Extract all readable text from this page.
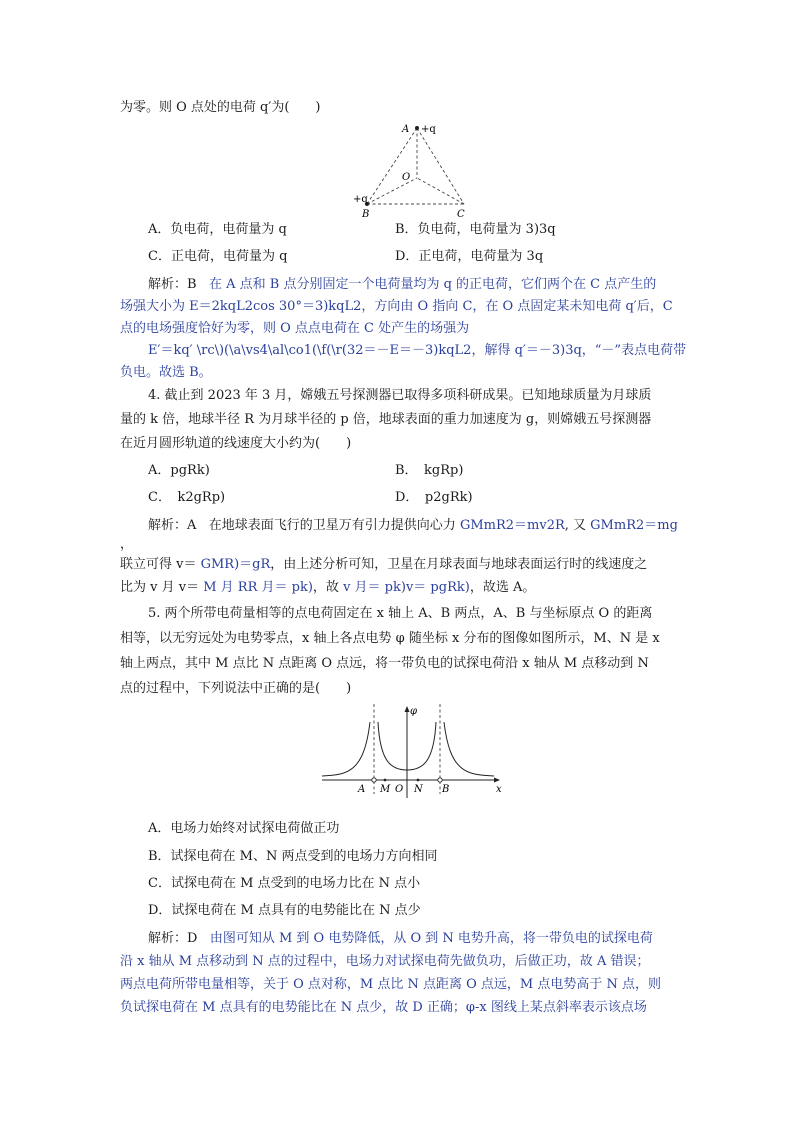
为零。则 O 点处的电荷 q′为(　　)
A +q
O
+q
B	C
A．负电荷，电荷量为 q	B．负电荷，电荷量为 3)3q
C．正电荷，电荷量为 q	D．正电荷，电荷量为 3q
解析：B 在 A 点和 B 点分别固定一个电荷量均为 q 的正电荷，它们两个在 C 点产生的
场强大小为 E＝2kqL2cos 30°＝3)kqL2，方向由 O 指向 C，在 O 点固定某未知电荷 q′后，C
点的电场强度恰好为零，则 O 点点电荷在 C 处产生的场强为
E′＝kq′ \rc\)(\a\vs4\al\co1(\f(\r(32＝－E＝－3)kqL2，解得 q′＝－3)3q，“－”表点电荷带
负电。故选 B。
4. 截止到 2023 年 3 月，嫦娥五号探测器已取得多项科研成果。已知地球质量为月球质
量的 k 倍，地球半径 R 为月球半径的 p 倍，地球表面的重力加速度为 g，则嫦娥五号探测器
在近月圆形轨道的线速度大小约为(　　)
A．pgRk)	B．　kgRp)
C．　k2gRp)	D．　p2gRk)
解析：A 在地球表面飞行的卫星万有引力提供向心力 GMmR2＝mv2R, 又 GMmR2＝mg
，
联立可得 v＝ GMR)＝gR，由上述分析可知，卫星在月球表面与地球表面运行时的线速度之
比为 v 月 v＝ M 月 RR 月＝ pk)，故 v 月＝ pk)v＝ pgRk)，故选 A。
5. 两个所带电荷量相等的点电荷固定在 x 轴上 A、B 两点，A、B 与坐标原点 O 的距离
相等，以无穷远处为电势零点，x 轴上各点电势 φ 随坐标 x 分布的图像如图所示，M、N 是 x
轴上两点，其中 M 点比 N 点距离 O 点远，将一带负电的试探电荷沿 x 轴从 M 点移动到 N
点的过程中，下列说法中正确的是(　　)
φ
x
A M O N B
A．电场力始终对试探电荷做正功
B．试探电荷在 M、N 两点受到的电场力方向相同
C．试探电荷在 M 点受到的电场力比在 N 点小
D．试探电荷在 M 点具有的电势能比在 N 点少
解析：D 由图可知从 M 到 O 电势降低，从 O 到 N 电势升高，将一带负电的试探电荷
沿 x 轴从 M 点移动到 N 点的过程中，电场力对试探电荷先做负功，后做正功，故 A 错误；
两点电荷所带电量相等，关于 O 点对称，M 点比 N 点距离 O 点远，M 点电势高于 N 点，则
负试探电荷在 M 点具有的电势能比在 N 点少，故 D 正确；φ-x 图线上某点斜率表示该点场
